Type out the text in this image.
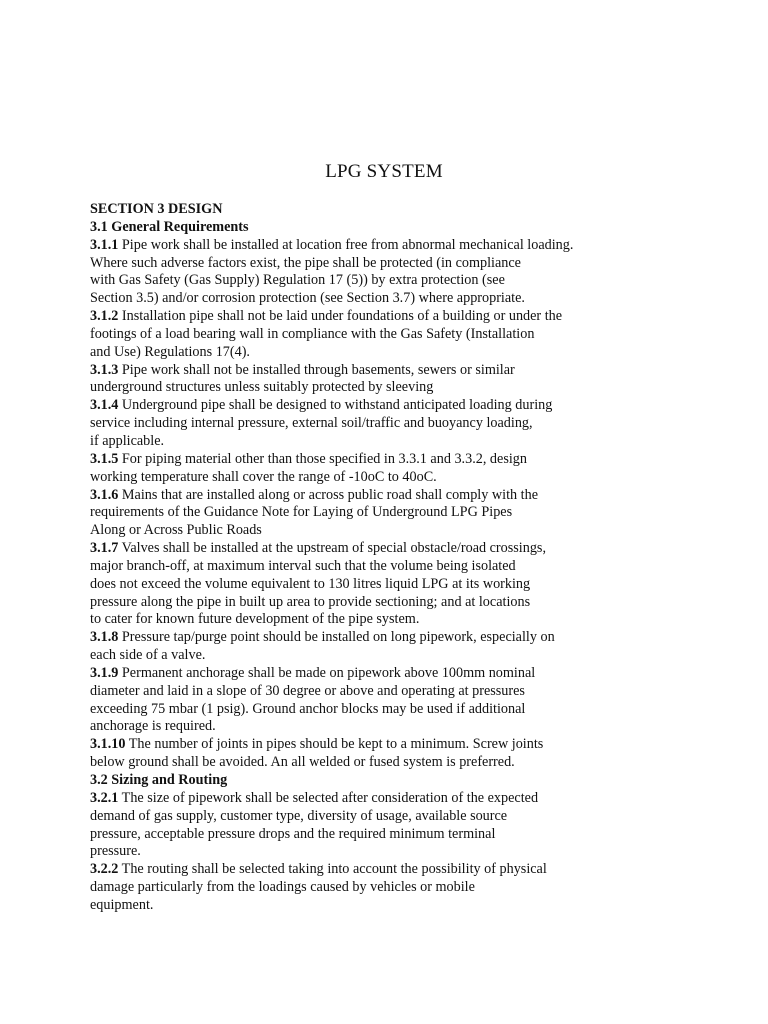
LPG SYSTEM
SECTION 3 DESIGN
3.1 General Requirements
3.1.1 Pipe work shall be installed at location free from abnormal mechanical loading.
Where such adverse factors exist, the pipe shall be protected (in compliance
with Gas Safety (Gas Supply) Regulation 17 (5)) by extra protection (see
Section 3.5) and/or corrosion protection (see Section 3.7) where appropriate.
3.1.2 Installation pipe shall not be laid under foundations of a building or under the
footings of a load bearing wall in compliance with the Gas Safety (Installation
and Use) Regulations 17(4).
3.1.3 Pipe work shall not be installed through basements, sewers or similar
underground structures unless suitably protected by sleeving
3.1.4 Underground pipe shall be designed to withstand anticipated loading during
service including internal pressure, external soil/traffic and buoyancy loading,
if applicable.
3.1.5 For piping material other than those specified in 3.3.1 and 3.3.2, design
working temperature shall cover the range of -10oC to 40oC.
3.1.6 Mains that are installed along or across public road shall comply with the
requirements of the Guidance Note for Laying of Underground LPG Pipes
Along or Across Public Roads
3.1.7 Valves shall be installed at the upstream of special obstacle/road crossings,
major branch-off, at maximum interval such that the volume being isolated
does not exceed the volume equivalent to 130 litres liquid LPG at its working
pressure along the pipe in built up area to provide sectioning; and at locations
to cater for known future development of the pipe system.
3.1.8 Pressure tap/purge point should be installed on long pipework, especially on
each side of a valve.
3.1.9 Permanent anchorage shall be made on pipework above 100mm nominal
diameter and laid in a slope of 30 degree or above and operating at pressures
exceeding 75 mbar (1 psig). Ground anchor blocks may be used if additional
anchorage is required.
3.1.10 The number of joints in pipes should be kept to a minimum. Screw joints
below ground shall be avoided. An all welded or fused system is preferred.
3.2 Sizing and Routing
3.2.1 The size of pipework shall be selected after consideration of the expected
demand of gas supply, customer type, diversity of usage, available source
pressure, acceptable pressure drops and the required minimum terminal
pressure.
3.2.2 The routing shall be selected taking into account the possibility of physical
damage particularly from the loadings caused by vehicles or mobile
equipment.
